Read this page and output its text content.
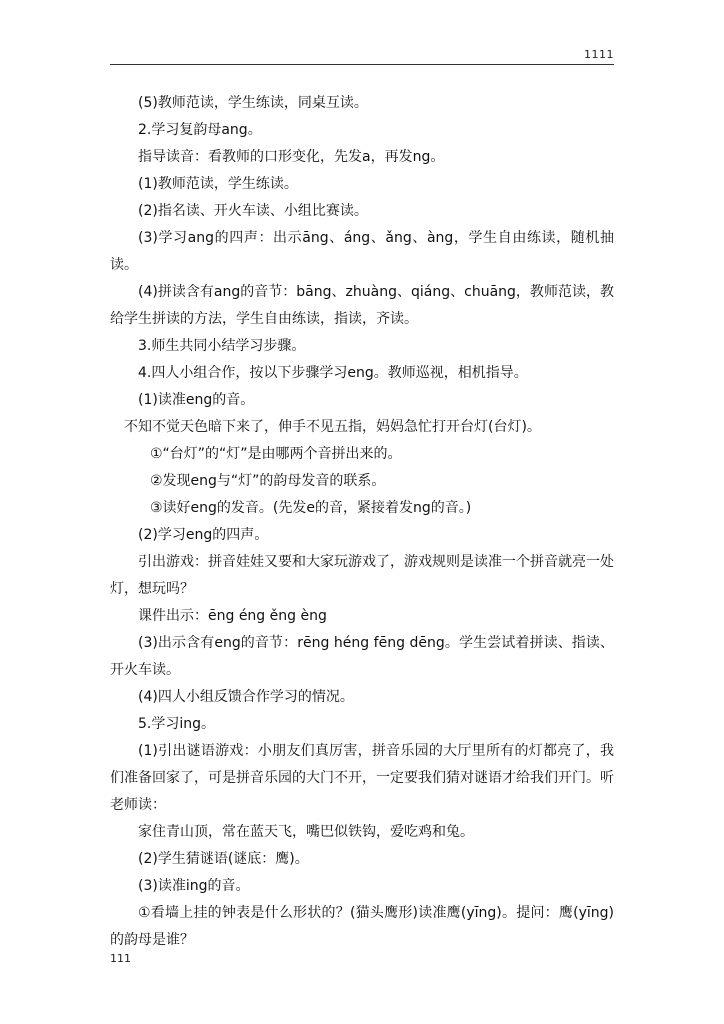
1111

(5)教师范读，学生练读，同桌互读。

2.学习复韵母ang。

指导读音：看教师的口形变化，先发a，再发ng。

(1)教师范读，学生练读。

(2)指名读、开火车读、小组比赛读。

(3)学习ang的四声：出示āng、áng、ǎng、àng，学生自由练读，随机抽读。

(4)拼读含有ang的音节：bāng、zhuàng、qiáng、chuāng，教师范读，教给学生拼读的方法，学生自由练读，指读，齐读。

3.师生共同小结学习步骤。

4.四人小组合作，按以下步骤学习eng。教师巡视，相机指导。

(1)读准eng的音。

不知不觉天色暗下来了，伸手不见五指，妈妈急忙打开台灯(台灯)。

①“台灯”的“灯”是由哪两个音拼出来的。

②发现eng与“灯”的韵母发音的联系。

③读好eng的发音。(先发e的音，紧接着发ng的音。)

(2)学习eng的四声。

引出游戏：拼音娃娃又要和大家玩游戏了，游戏规则是读准一个拼音就亮一处灯，想玩吗？

课件出示：ēng éng ěng èng

(3)出示含有eng的音节：rēng héng fēng dēng。学生尝试着拼读、指读、开火车读。

(4)四人小组反馈合作学习的情况。

5.学习ing。

(1)引出谜语游戏：小朋友们真厉害，拼音乐园的大厅里所有的灯都亮了，我们准备回家了，可是拼音乐园的大门不开，一定要我们猜对谜语才给我们开门。听老师读：

家住青山顶，常在蓝天飞，嘴巴似铁钩，爱吃鸡和兔。

(2)学生猜谜语(谜底：鹰)。

(3)读准ing的音。

①看墙上挂的钟表是什么形状的？(猫头鹰形)读准鹰(yīng)。提问：鹰(yīng)的韵母是谁？

111
